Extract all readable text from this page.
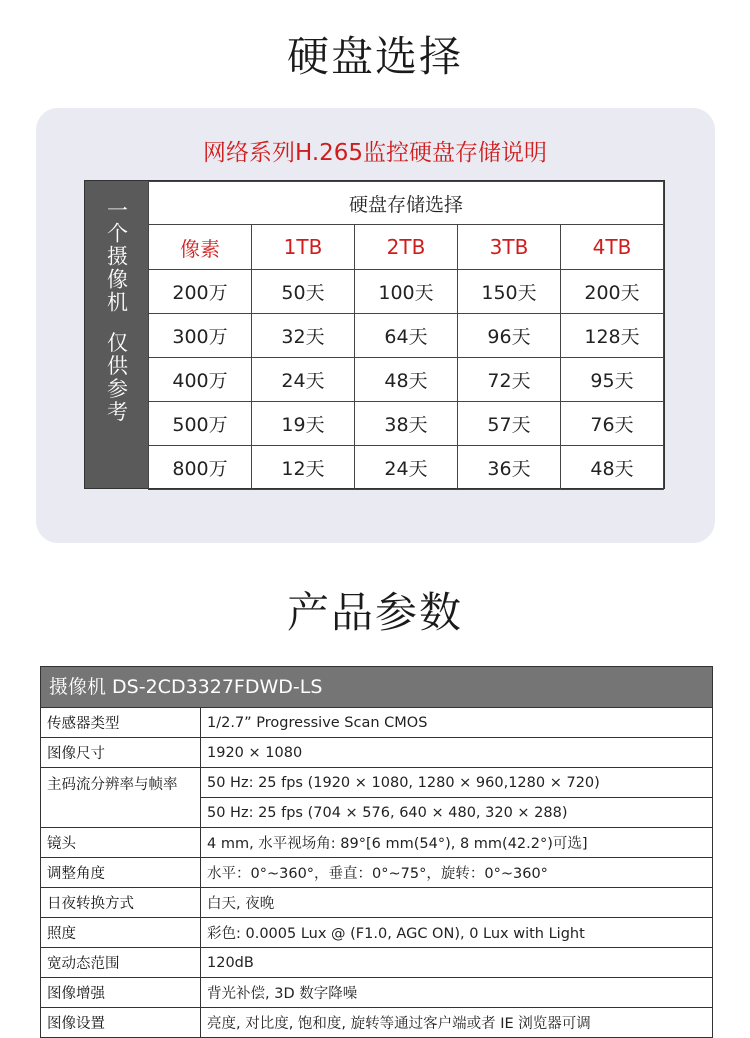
硬盘选择
网络系列H.265监控硬盘存储说明
一个摄像机  仅供参考	硬盘存储选择				
像素	1TB	2TB	3TB	4TB
200万	50天	100天	150天	200天
300万	32天	64天	96天	128天
400万	24天	48天	72天	95天
500万	19天	38天	57天	76天
800万	12天	24天	36天	48天
产品参数
摄像机 DS-2CD3327FDWD-LS
传感器类型	1/2.7” Progressive Scan CMOS
图像尺寸	1920 × 1080
主码流分辨率与帧率	50 Hz: 25 fps (1920 × 1080, 1280 × 960,1280 × 720)
	50 Hz: 25 fps (704 × 576, 640 × 480, 320 × 288)
镜头	4 mm, 水平视场角: 89°[6 mm(54°), 8 mm(42.2°)可选]
调整角度	水平：0°~360°，垂直：0°~75°，旋转：0°~360°
日夜转换方式	白天, 夜晚
照度	彩色: 0.0005 Lux @ (F1.0, AGC ON), 0 Lux with Light
宽动态范围	120dB
图像增强	背光补偿, 3D 数字降噪
图像设置	亮度, 对比度, 饱和度, 旋转等通过客户端或者 IE 浏览器可调
